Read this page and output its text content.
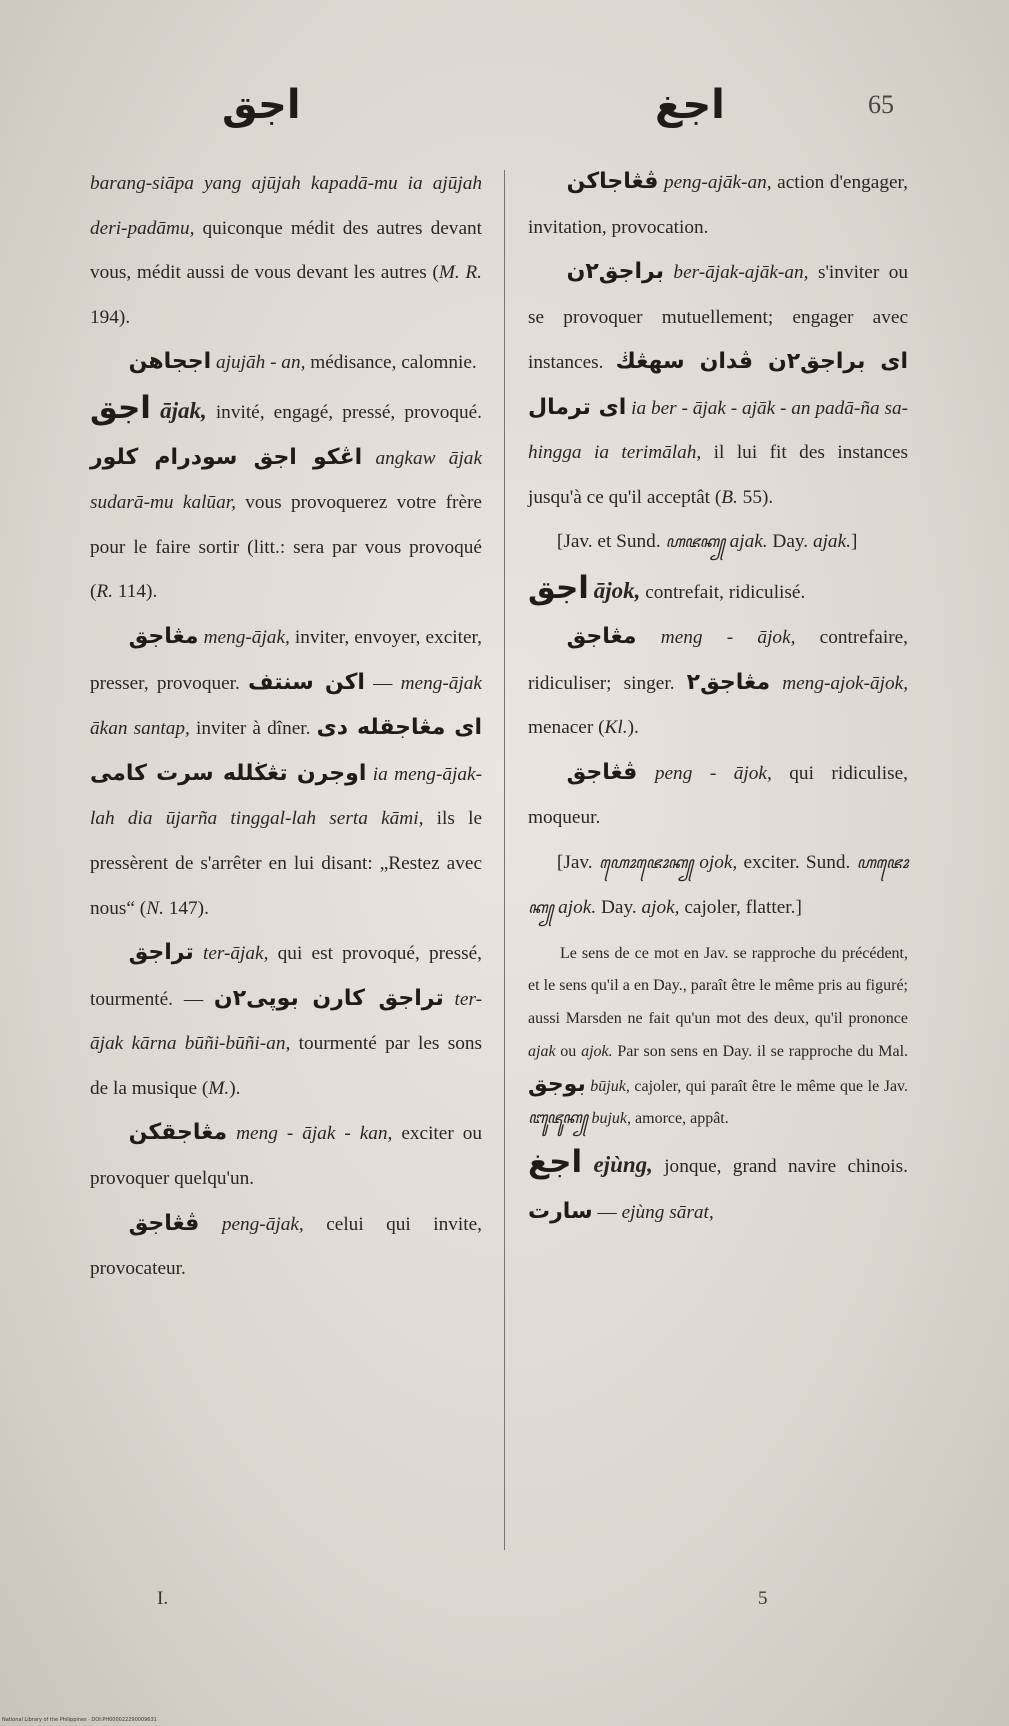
اجق	اجغ	65

barang-siāpa yang ajūjah kapadā-mu ia ajūjah deri-padāmu, quiconque médit des autres devant vous, médit aussi de vous devant les autres (M. R. 194).

  اججاهن ajujāh - an, médisance, calomnie.

اجق ājak, invité, engagé, pressé, provoqué. اڠكو اجق سودرام كلور angkaw ājak sudarā-mu kalūar, vous provoquerez votre frère pour le faire sortir (litt.: sera par vous provoqué (R. 114).

  مڠاجق meng-ājak, inviter, envoyer, exciter, presser, provoquer. اكن سنتف — meng-ājak ākan santap, inviter à dîner. اى مڠاجقله دى اوجرن تڠڬلله سرت كامى ia meng-ājak-lah dia ūjarña tinggal-lah serta kāmi, ils le pressèrent de s'arrêter en lui disant: „Restez avec nous“ (N. 147).

  تراجق ter-ājak, qui est provoqué, pressé, tourmenté. — تراجق كارن بوڽى٢ن ter-ājak kārna būñi-būñi-an, tourmenté par les sons de la musique (M.).

  مڠاجقكن meng - ājak - kan, exciter ou provoquer quelqu'un.

  ڤڠاجق peng-ājak, celui qui invite, provocateur.

  ڤڠاجاكن peng-ajāk-an, action d'engager, invitation, provocation.

  براجق٢ن ber-ājak-ajāk-an, s'inviter ou se provoquer mutuellement; engager avec instances. اى براجق٢ن ڤدان سهڠڬ اى ترمال ia ber - ājak - ajāk - an padā-ña sa-hingga ia terimālah, il lui fit des instances jusqu'à ce qu'il acceptât (B. 55).

  [Jav. et Sund. ꦲꦗꦏ꧀ ajak. Day. ajak.]

اجق ājok, contrefait, ridiculisé.

  مڠاجق meng - ājok, contrefaire, ridiculiser; singer. مڠاجق٢ meng-ajok-ājok, menacer (Kl.).

  ڤڠاجق peng - ājok, qui ridiculise, moqueur.

  [Jav. ꦲꦺꦴꦗꦺꦴꦏ꧀ ojok, exciter. Sund. ꦲꦗꦺꦴꦏ꧀ ajok. Day. ajok, cajoler, flatter.]

  Le sens de ce mot en Jav. se rapproche du précédent, et le sens qu'il a en Day., paraît être le même pris au figuré; aussi Marsden ne fait qu'un mot des deux, qu'il prononce ajak ou ajok. Par son sens en Day. il se rapproche du Mal. بوجق būjuk, cajoler, qui paraît être le même que le Jav. ꦧꦸꦗꦸꦏ꧀ bujuk, amorce, appât.

اجغ ejùng, jonque, grand navire chinois. سارت — ejùng sārat,

I.	5
National Library of the Philippines · DOI:PH000022290009631
